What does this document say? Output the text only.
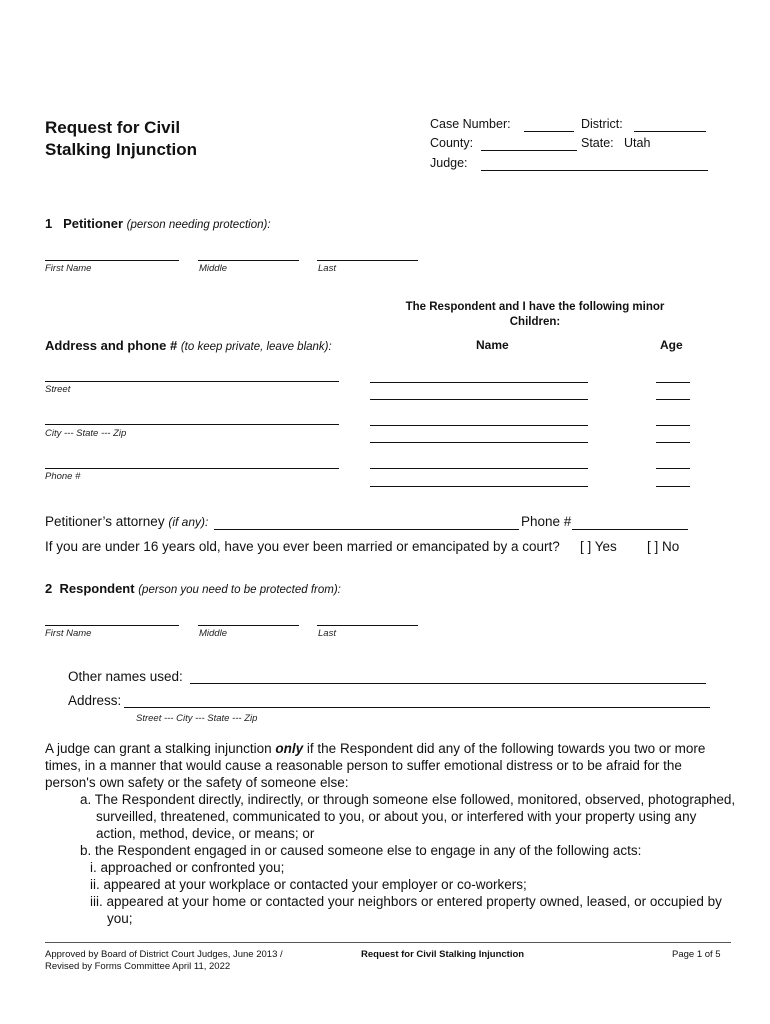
Request for Civil
Stalking Injunction
Case Number:	District:
County:	State: Utah
Judge:
1 Petitioner (person needing protection):
First Name	Middle	Last
The Respondent and I have the following minor
Children:
Address and phone # (to keep private, leave blank):	Name	Age
Street
City --- State --- Zip
Phone #
Petitioner’s attorney (if any):	Phone #
If you are under 16 years old, have you ever been married or emancipated by a court? [ ] Yes [ ] No
2 Respondent (person you need to be protected from):
First Name	Middle	Last
Other names used:
Address:
Street --- City --- State --- Zip
A judge can grant a stalking injunction only if the Respondent did any of the following towards you two or more times, in a manner that would cause a reasonable person to suffer emotional distress or to be afraid for the person's own safety or the safety of someone else:
a. The Respondent directly, indirectly, or through someone else followed, monitored, observed, photographed, surveilled, threatened, communicated to you, or about you, or interfered with your property using any action, method, device, or means; or
b. the Respondent engaged in or caused someone else to engage in any of the following acts:
i. approached or confronted you;
ii. appeared at your workplace or contacted your employer or co-workers;
iii. appeared at your home or contacted your neighbors or entered property owned, leased, or occupied by you;
Approved by Board of District Court Judges, June 2013 /
Revised by Forms Committee April 11, 2022
Request for Civil Stalking Injunction	Page 1 of 5
